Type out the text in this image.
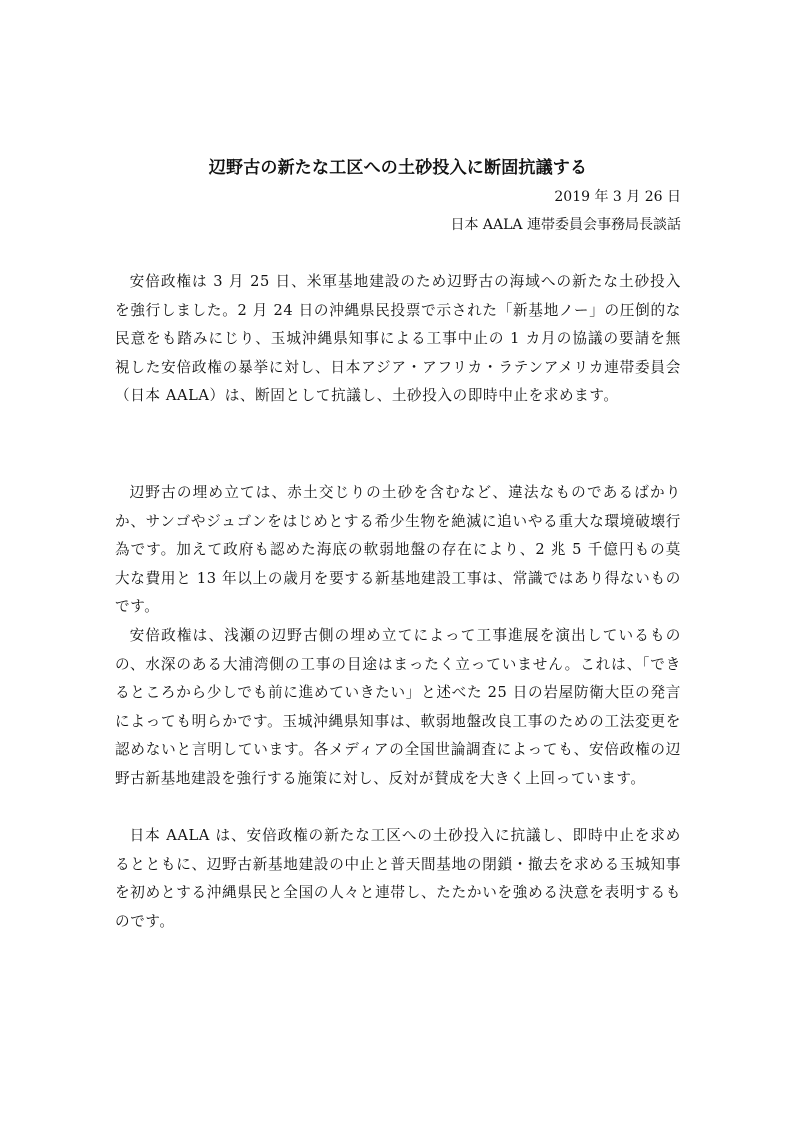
辺野古の新たな工区への土砂投入に断固抗議する
2019 年 3 月 26 日
日本 AALA 連帯委員会事務局長談話

安倍政権は 3 月 25 日、米軍基地建設のため辺野古の海域への新たな土砂投入を強行しました。2 月 24 日の沖縄県民投票で示された「新基地ノー」の圧倒的な民意をも踏みにじり、玉城沖縄県知事による工事中止の 1 カ月の協議の要請を無視した安倍政権の暴挙に対し、日本アジア・アフリカ・ラテンアメリカ連帯委員会（日本 AALA）は、断固として抗議し、土砂投入の即時中止を求めます。

辺野古の埋め立ては、赤土交じりの土砂を含むなど、違法なものであるばかりか、サンゴやジュゴンをはじめとする希少生物を絶滅に追いやる重大な環境破壊行為です。加えて政府も認めた海底の軟弱地盤の存在により、2 兆 5 千億円もの莫大な費用と 13 年以上の歳月を要する新基地建設工事は、常識ではあり得ないものです。

安倍政権は、浅瀬の辺野古側の埋め立てによって工事進展を演出しているものの、水深のある大浦湾側の工事の目途はまったく立っていません。これは、「できるところから少しでも前に進めていきたい」と述べた 25 日の岩屋防衛大臣の発言によっても明らかです。玉城沖縄県知事は、軟弱地盤改良工事のための工法変更を認めないと言明しています。各メディアの全国世論調査によっても、安倍政権の辺野古新基地建設を強行する施策に対し、反対が賛成を大きく上回っています。

日本 AALA は、安倍政権の新たな工区への土砂投入に抗議し、即時中止を求めるとともに、辺野古新基地建設の中止と普天間基地の閉鎖・撤去を求める玉城知事を初めとする沖縄県民と全国の人々と連帯し、たたかいを強める決意を表明するものです。
